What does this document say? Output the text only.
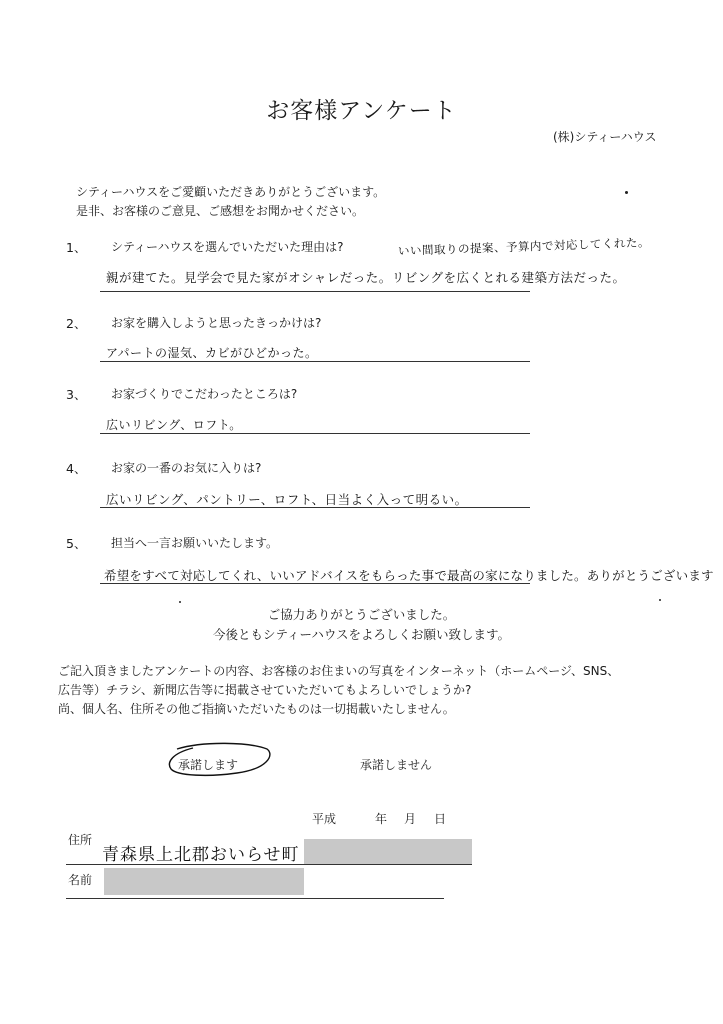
お客様アンケート
(株)シティーハウス
シティーハウスをご愛顧いただきありがとうございます。
是非、お客様のご意見、ご感想をお聞かせください。
1、 シティーハウスを選んでいただいた理由は?	いい間取りの提案、予算内で対応してくれた。
親が建てた。見学会で見た家がオシャレだった。リビングを広くとれる建築方法だった。
2、 お家を購入しようと思ったきっかけは?
アパートの湿気、カビがひどかった。
3、 お家づくりでこだわったところは?
広いリビング、ロフト。
4、 お家の一番のお気に入りは?
広いリビング、パントリー、ロフト、日当よく入って明るい。
5、 担当へ一言お願いいたします。
希望をすべて対応してくれ、いいアドバイスをもらった事で最高の家になりました。ありがとうございます
ご協力ありがとうございました。
今後ともシティーハウスをよろしくお願い致します。
ご記入頂きましたアンケートの内容、お客様のお住まいの写真をインターネット（ホームページ、SNS、
広告等）チラシ、新聞広告等に掲載させていただいてもよろしいでしょうか?
尚、個人名、住所その他ご指摘いただいたものは一切掲載いたしません。
承諾します	承諾しません
平成	年 月 日
住所
青森県上北郡おいらせ町
名前
